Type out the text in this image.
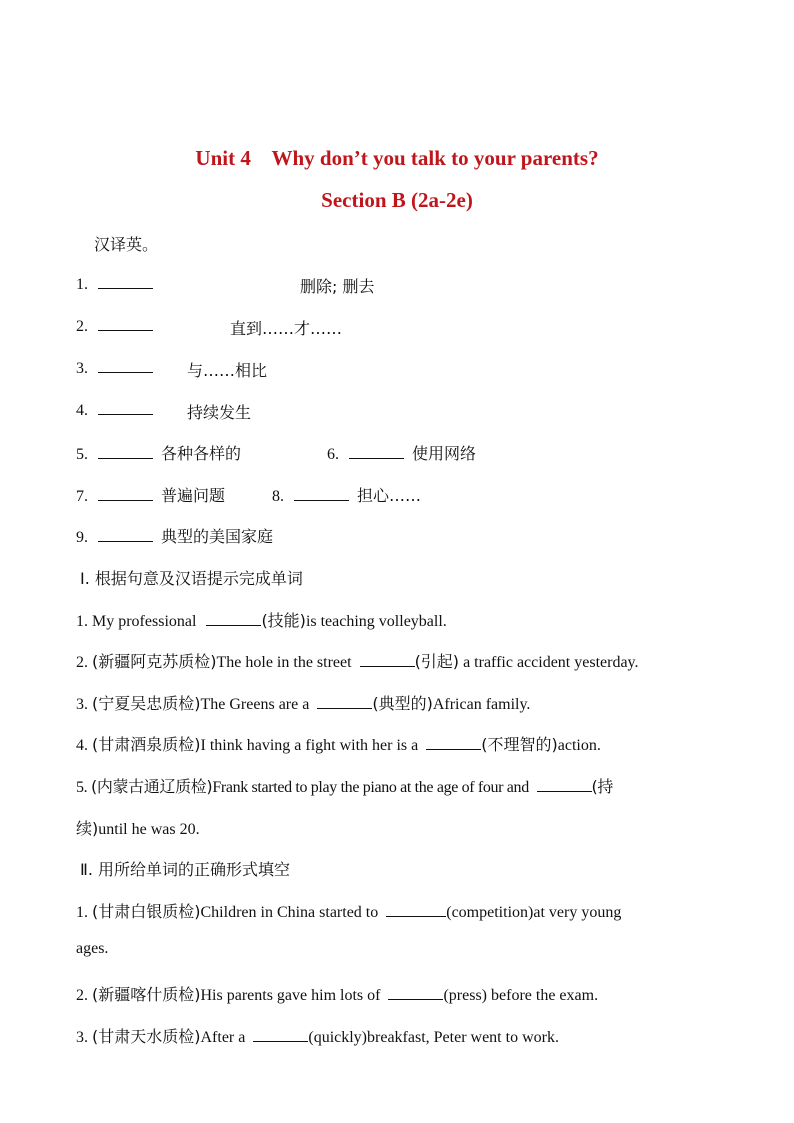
Unit 4    Why don’t you talk to your parents?
Section B (2a-2e)
汉译英。
1.	删除; 删去
2.	直到……才……
3.	与……相比
4.	持续发生
5.	各种各样的	6.	使用网络
7.	普遍问题	8.	担心……
9.	典型的美国家庭
Ⅰ. 根据句意及汉语提示完成单词
1. My professional	(技能)is teaching volleyball.
2. (新疆阿克苏质检)The hole in the street	(引起) a traffic accident yesterday.
3. (宁夏吴忠质检)The Greens are a	(典型的)African family.
4. (甘肃酒泉质检)I think having a fight with her is a	(不理智的)action.
5. (内蒙古通辽质检)Frank started to play the piano at the age of four and	(持
续)until he was 20.
Ⅱ. 用所给单词的正确形式填空
1. (甘肃白银质检)Children in China started to	(competition)at very young
ages.
2. (新疆喀什质检)His parents gave him lots of	(press) before the exam.
3. (甘肃天水质检)After a	(quickly)breakfast, Peter went to work.
